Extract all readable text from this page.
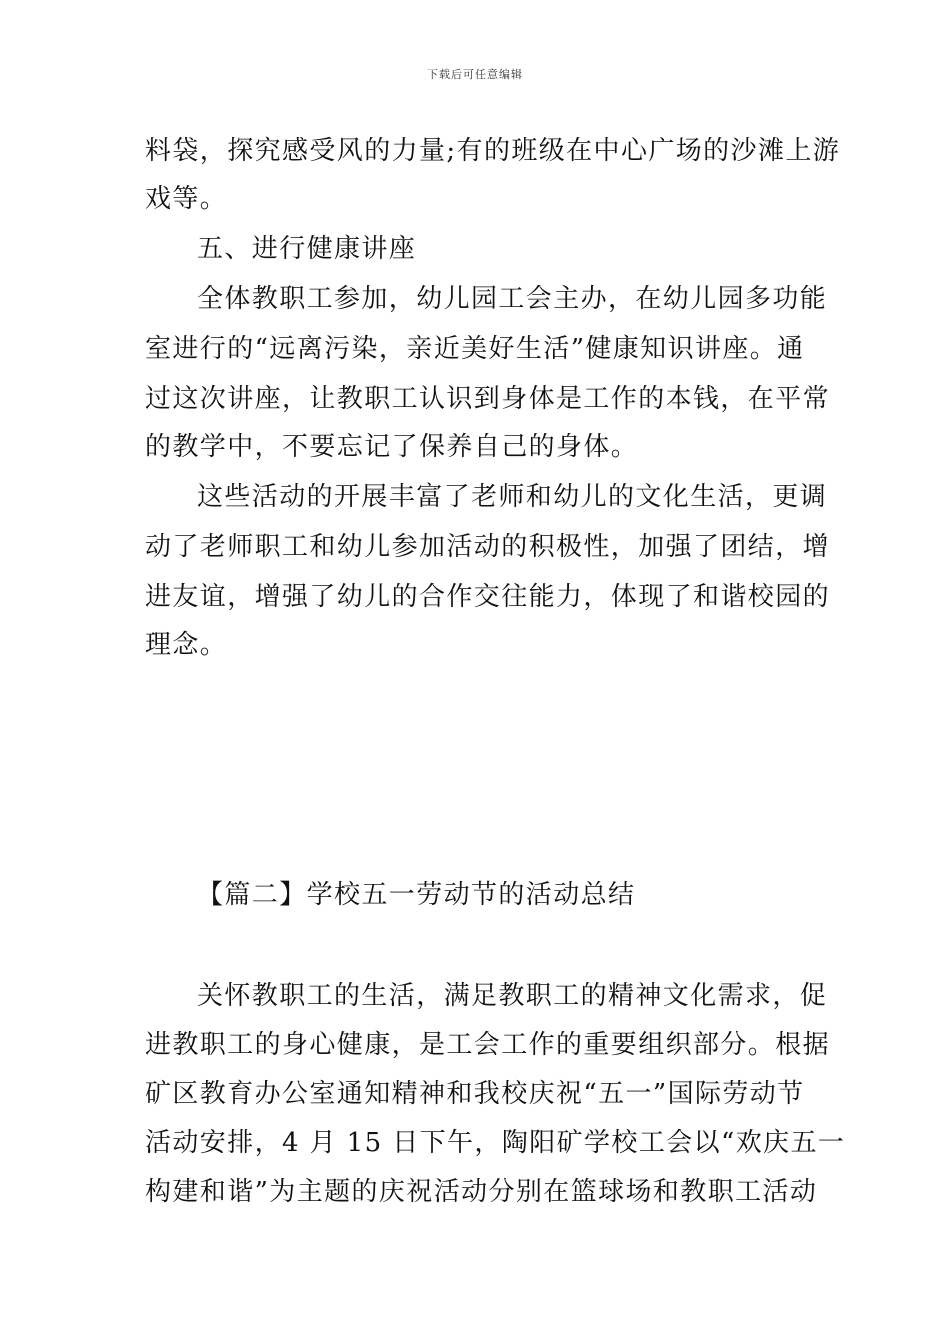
下载后可任意编辑
料袋，探究感受风的力量;有的班级在中心广场的沙滩上游
戏等。
五、进行健康讲座
全体教职工参加，幼儿园工会主办，在幼儿园多功能
室进行的“远离污染，亲近美好生活”健康知识讲座。通
过这次讲座，让教职工认识到身体是工作的本钱，在平常
的教学中，不要忘记了保养自己的身体。
这些活动的开展丰富了老师和幼儿的文化生活，更调
动了老师职工和幼儿参加活动的积极性，加强了团结，增
进友谊，增强了幼儿的合作交往能力，体现了和谐校园的
理念。
【篇二】学校五一劳动节的活动总结
关怀教职工的生活，满足教职工的精神文化需求，促
进教职工的身心健康，是工会工作的重要组织部分。根据
矿区教育办公室通知精神和我校庆祝“五一”国际劳动节
活动安排，4 月 15 日下午，陶阳矿学校工会以“欢庆五一
构建和谐”为主题的庆祝活动分别在篮球场和教职工活动
